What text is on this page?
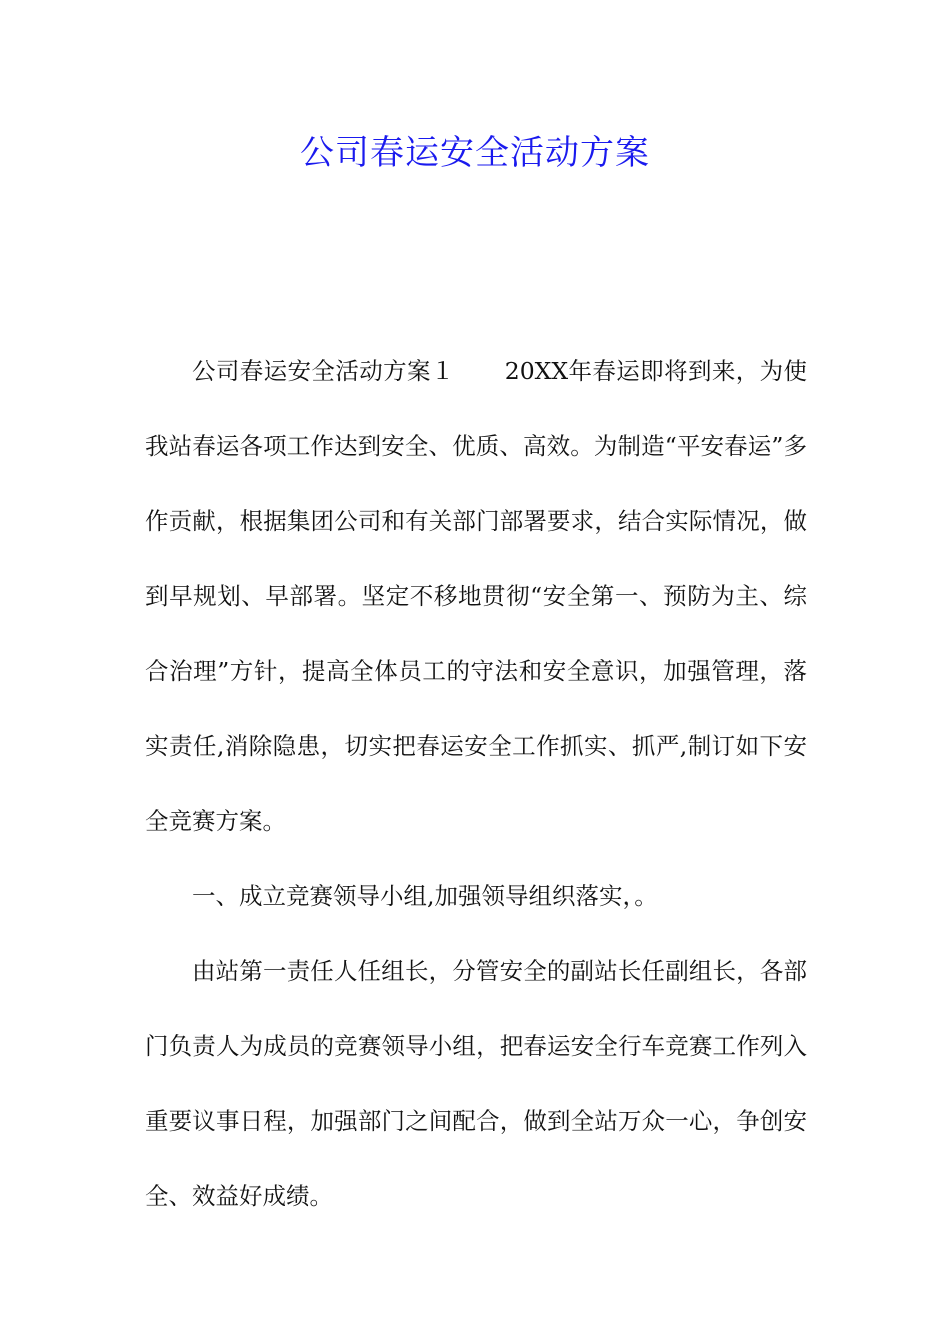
公司春运安全活动方案

公司春运安全活动方案１ 20XX年春运即将到来，为使我站春运各项工作达到安全、优质、高效。为制造“平安春运”多作贡献，根据集团公司和有关部门部署要求，结合实际情况，做到早规划、早部署。坚定不移地贯彻“安全第一、预防为主、综合治理”方针，提高全体员工的守法和安全意识，加强管理，落实责任,消除隐患，切实把春运安全工作抓实、抓严,制订如下安全竞赛方案。

一、成立竞赛领导小组,加强领导组织落实，。

由站第一责任人任组长，分管安全的副站长任副组长，各部门负责人为成员的竞赛领导小组，把春运安全行车竞赛工作列入重要议事日程，加强部门之间配合，做到全站万众一心，争创安全、效益好成绩。
